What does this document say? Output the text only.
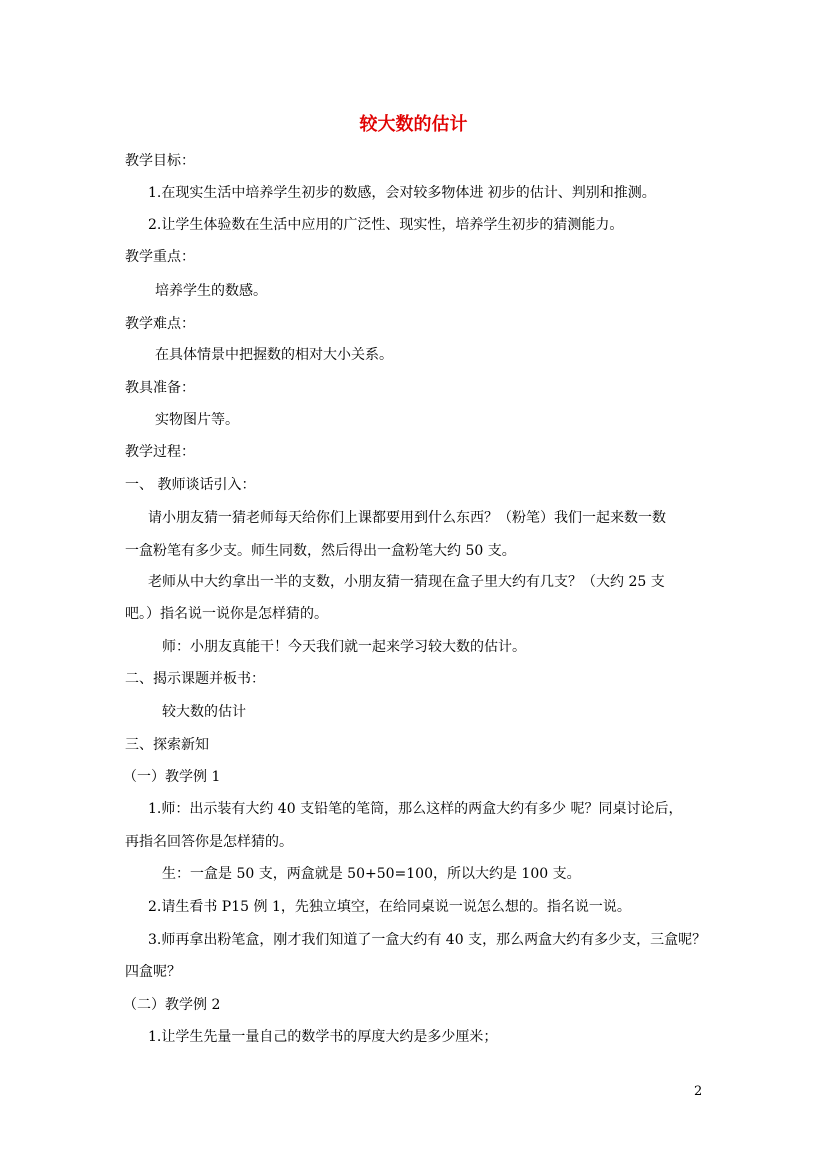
较大数的估计
教学目标：
1.在现实生活中培养学生初步的数感，会对较多物体进 初步的估计、判别和推测。
2.让学生体验数在生活中应用的广泛性、现实性，培养学生初步的猜测能力。
教学重点：
培养学生的数感。
教学难点：
在具体情景中把握数的相对大小关系。
教具准备：
实物图片等。
教学过程：
一、 教师谈话引入：
请小朋友猜一猜老师每天给你们上课都要用到什么东西？（粉笔）我们一起来数一数
一盒粉笔有多少支。师生同数，然后得出一盒粉笔大约 50 支。
老师从中大约拿出一半的支数，小朋友猜一猜现在盒子里大约有几支？（大约 25 支
吧。）指名说一说你是怎样猜的。
师：小朋友真能干！今天我们就一起来学习较大数的估计。
二、揭示课题并板书：
较大数的估计
三、探索新知
（一）教学例 1
1.师：出示装有大约 40 支铅笔的笔筒，那么这样的两盒大约有多少 呢？同桌讨论后，
再指名回答你是怎样猜的。
生：一盒是 50 支，两盒就是 50+50=100，所以大约是 100 支。
2.请生看书 P15 例 1，先独立填空，在给同桌说一说怎么想的。指名说一说。
3.师再拿出粉笔盒，刚才我们知道了一盒大约有 40 支，那么两盒大约有多少支，三盒呢？
四盒呢？
（二）教学例 2
1.让学生先量一量自己的数学书的厚度大约是多少厘米；
2
